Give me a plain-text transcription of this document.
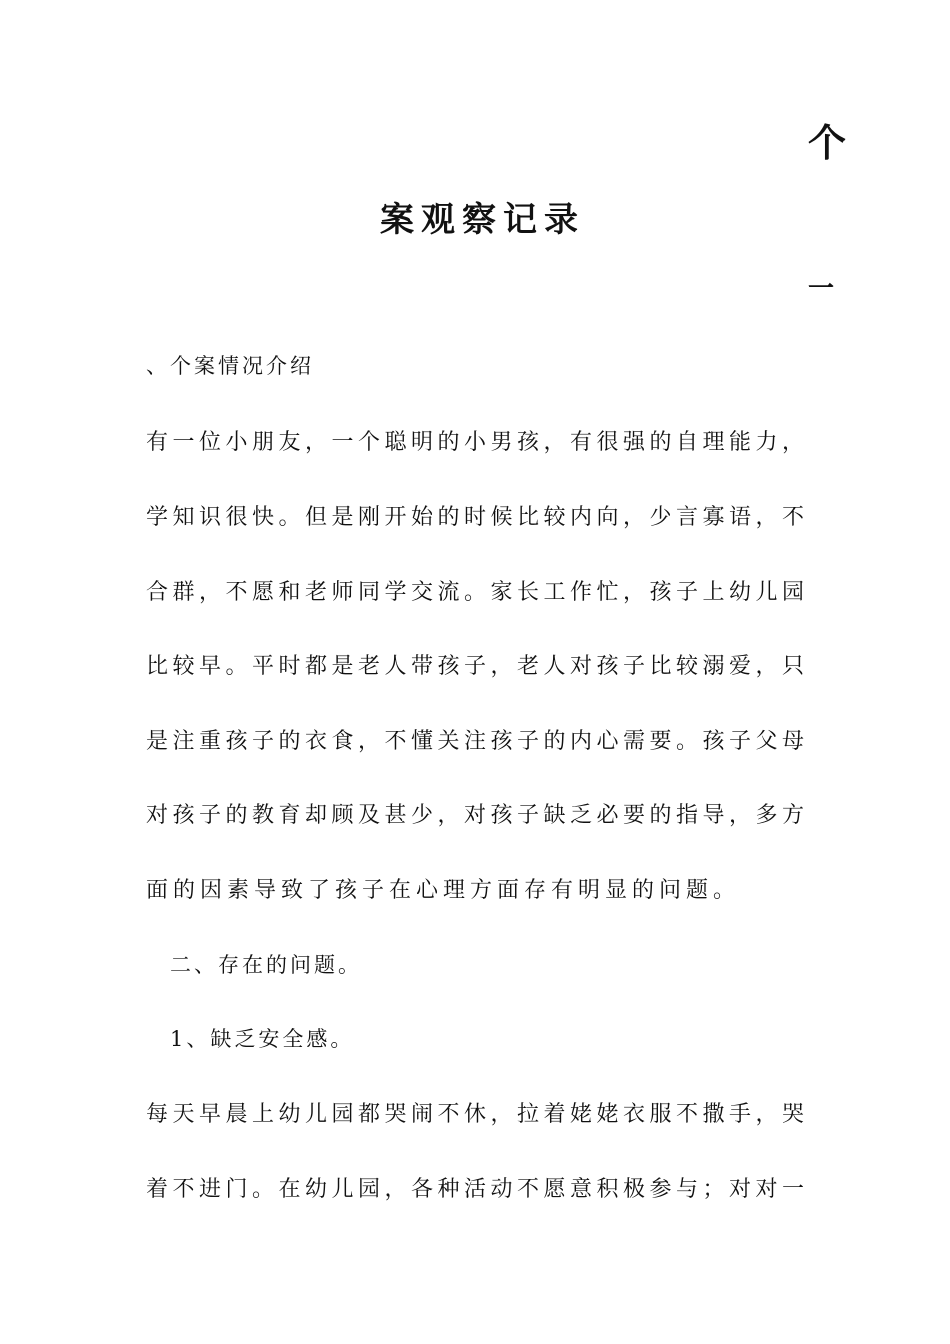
个
案观察记录
一
、个案情况介绍
有一位小朋友，一个聪明的小男孩，有很强的自理能力，
学知识很快。但是刚开始的时候比较内向，少言寡语，不
合群，不愿和老师同学交流。家长工作忙，孩子上幼儿园
比较早。平时都是老人带孩子，老人对孩子比较溺爱，只
是注重孩子的衣食，不懂关注孩子的内心需要。孩子父母
对孩子的教育却顾及甚少，对孩子缺乏必要的指导，多方
面的因素导致了孩子在心理方面存有明显的问题。
二、存在的问题。
1、缺乏安全感。
每天早晨上幼儿园都哭闹不休，拉着姥姥衣服不撒手，哭
着不进门。在幼儿园，各种活动不愿意积极参与；对对一
